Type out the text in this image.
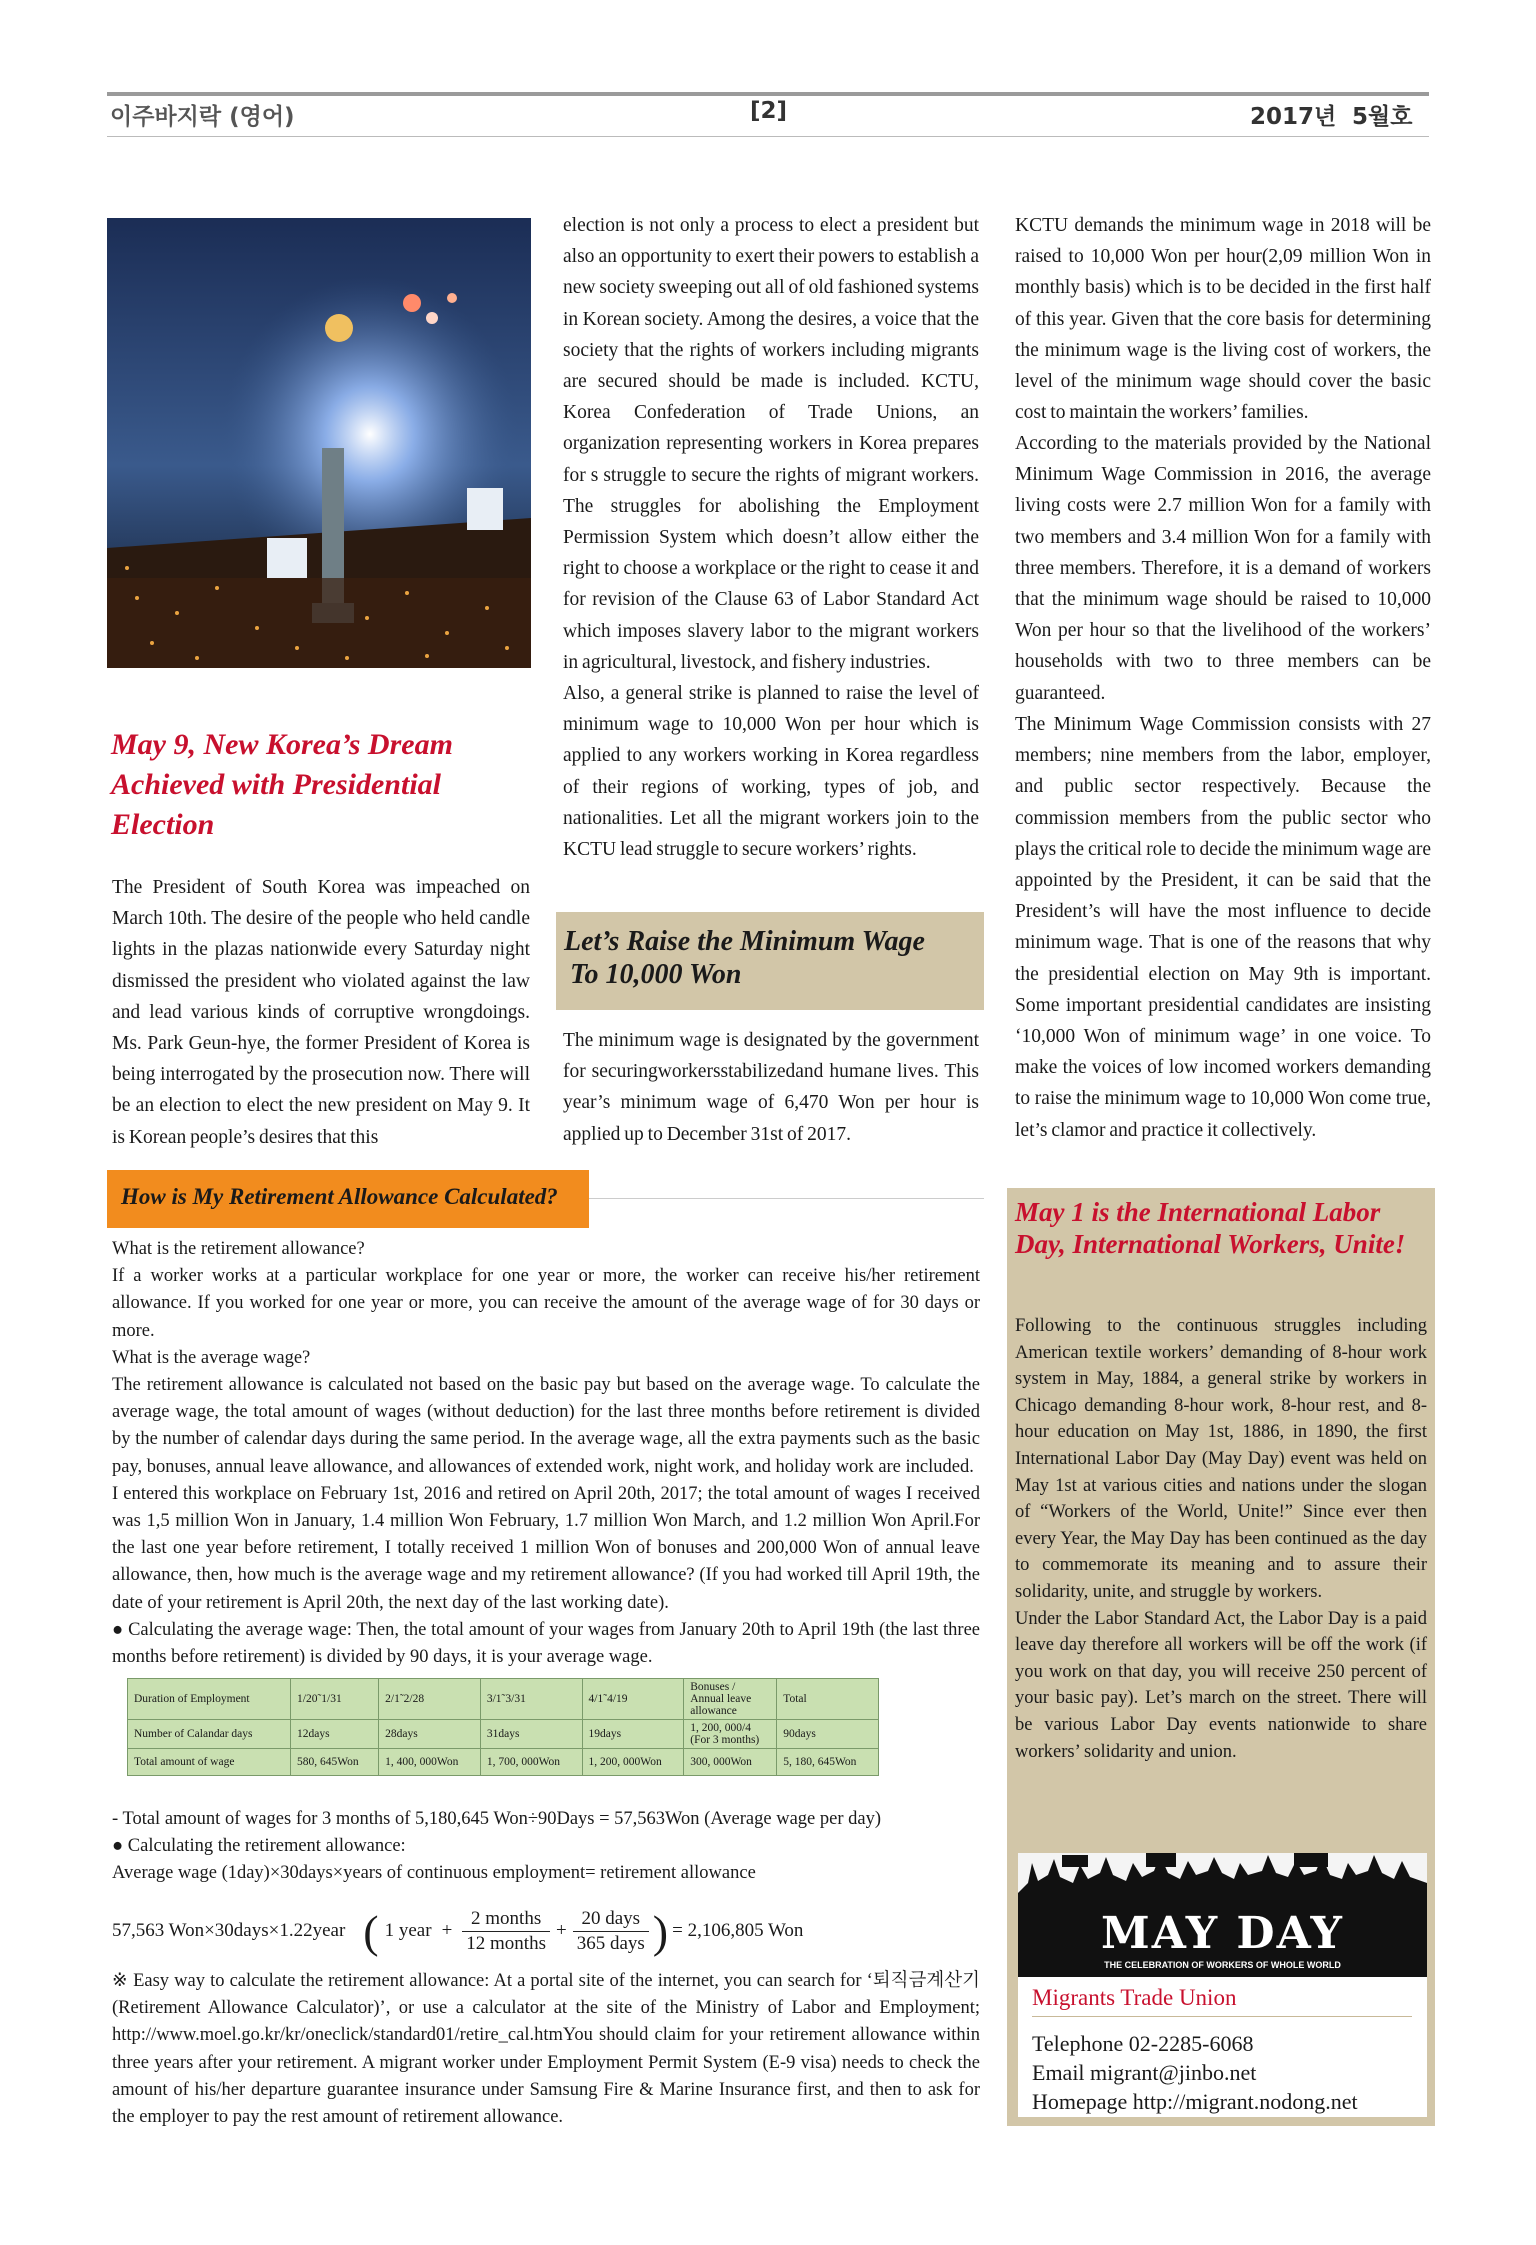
이주바지락 (영어)	[2]	2017년 5월호
May 9, New Korea’s Dream Achieved with Presidential Election

The President of South Korea was impeached on March 10th. The desire of the people who held candle lights in the plazas nationwide every Saturday night dismissed the president who violated against the law and lead various kinds of corruptive wrongdoings. Ms. Park Geun-hye, the former President of Korea is being interrogated by the prosecution now. There will be an election to elect the new president on May 9. It is Korean people’s desires that this

election is not only a process to elect a president but also an opportunity to exert their powers to establish a new society sweeping out all of old fashioned systems in Korean society. Among the desires, a voice that the society that the rights of workers including migrants are secured should be made is included. KCTU, Korea Confederation of Trade Unions, an organization representing workers in Korea prepares for s struggle to secure the rights of migrant workers. The struggles for abolishing the Employment Permission System which doesn’t allow either the right to choose a workplace or the right to cease it and for revision of the Clause 63 of Labor Standard Act which imposes slavery labor to the migrant workers in agricultural, livestock, and fishery industries.

Also, a general strike is planned to raise the level of minimum wage to 10,000 Won per hour which is applied to any workers working in Korea regardless of their regions of working, types of job, and nationalities. Let all the migrant workers join to the KCTU lead struggle to secure workers’ rights.

Let’s Raise the Minimum Wage
To 10,000 Won

The minimum wage is designated by the government for securingworkersstabilizedand humane lives. This year’s minimum wage of 6,470 Won per hour is applied up to December 31st of 2017.

KCTU demands the minimum wage in 2018 will be raised to 10,000 Won per hour(2,09 million Won in monthly basis) which is to be decided in the first half of this year. Given that the core basis for determining the minimum wage is the living cost of workers, the level of the minimum wage should cover the basic cost to maintain the workers’ families.

According to the materials provided by the National Minimum Wage Commission in 2016, the average living costs were 2.7 million Won for a family with two members and 3.4 million Won for a family with three members. Therefore, it is a demand of workers that the minimum wage should be raised to 10,000 Won per hour so that the livelihood of the workers’ households with two to three members can be guaranteed.

The Minimum Wage Commission consists with 27 members; nine members from the labor, employer, and public sector respectively. Because the commission members from the public sector who plays the critical role to decide the minimum wage are appointed by the President, it can be said that the President’s will have the most influence to decide minimum wage. That is one of the reasons that why the presidential election on May 9th is important. Some important presidential candidates are insisting ‘10,000 Won of minimum wage’ in one voice. To make the voices of low incomed workers demanding to raise the minimum wage to 10,000 Won come true, let’s clamor and practice it collectively.

How is My Retirement Allowance Calculated?
What is the retirement allowance?
If a worker works at a particular workplace for one year or more, the worker can receive his/her retirement allowance. If you worked for one year or more, you can receive the amount of the average wage of for 30 days or more.
What is the average wage?
The retirement allowance is calculated not based on the basic pay but based on the average wage. To calculate the average wage, the total amount of wages (without deduction) for the last three months before retirement is divided by the number of calendar days during the same period. In the average wage, all the extra payments such as the basic pay, bonuses, annual leave allowance, and allowances of extended work, night work, and holiday work are included.
I entered this workplace on February 1st, 2016 and retired on April 20th, 2017; the total amount of wages I received was 1,5 million Won in January, 1.4 million Won February, 1.7 million Won March, and 1.2 million Won April.For the last one year before retirement, I totally received 1 million Won of bonuses and 200,000 Won of annual leave allowance, then, how much is the average wage and my retirement allowance? (If you had worked till April 19th, the date of your retirement is April 20th, the next day of the last working date).
● Calculating the average wage: Then, the total amount of your wages from January 20th to April 19th (the last three months before retirement) is divided by 90 days, it is your average wage.
Duration of Employment	1/20˜1/31	2/1˜2/28	3/1˜3/31	4/1˜4/19	Bonuses / Annual leave allowance	Total
Number of Calandar days	12days	28days	31days	19days	1, 200, 000/4 (For 3 months)	90days
Total amount of wage	580, 645Won	1, 400, 000Won	1, 700, 000Won	1, 200, 000Won	300, 000Won	5, 180, 645Won
- Total amount of wages for 3 months of 5,180,645 Won÷90Days = 57,563Won (Average wage per day)
● Calculating the retirement allowance:
Average wage (1day)×30days×years of continuous employment= retirement allowance
57,563 Won×30days×1.22year ( 1 year + $\frac{\text{2 months}}{\text{12 months}} + \frac{\text{20 days}}{\text{365 days}}$ ) = 2,106,805 Won
※ Easy way to calculate the retirement allowance: At a portal site of the internet, you can search for ‘퇴직금계산기 (Retirement Allowance Calculator)’, or use a calculator at the site of the Ministry of Labor and Employment; http://www.moel.go.kr/kr/oneclick/standard01/retire_cal.htmYou should claim for your retirement allowance within three years after your retirement. A migrant worker under Employment Permit System (E-9 visa) needs to check the amount of his/her departure guarantee insurance under Samsung Fire & Marine Insurance first, and then to ask for the employer to pay the rest amount of retirement allowance.
May 1 is the International Labor Day, International Workers, Unite!

Following to the continuous struggles including American textile workers’ demanding of 8-hour work system in May, 1884, a general strike by workers in Chicago demanding 8-hour work, 8-hour rest, and 8-hour education on May 1st, 1886, in 1890, the first International Labor Day (May Day) event was held on May 1st at various cities and nations under the slogan of “Workers of the World, Unite!” Since ever then every Year, the May Day has been continued as the day to commemorate its meaning and to assure their solidarity, unite, and struggle by workers.

Under the Labor Standard Act, the Labor Day is a paid leave day therefore all workers will be off the work (if you work on that day, you will receive 250 percent of your basic pay). Let’s march on the street. There will be various Labor Day events nationwide to share workers’ solidarity and union.

MAY DAY
THE CELEBRATION OF WORKERS OF WHOLE WORLD
Migrants Trade Union
Telephone 02-2285-6068
Email migrant@jinbo.net
Homepage http://migrant.nodong.net
